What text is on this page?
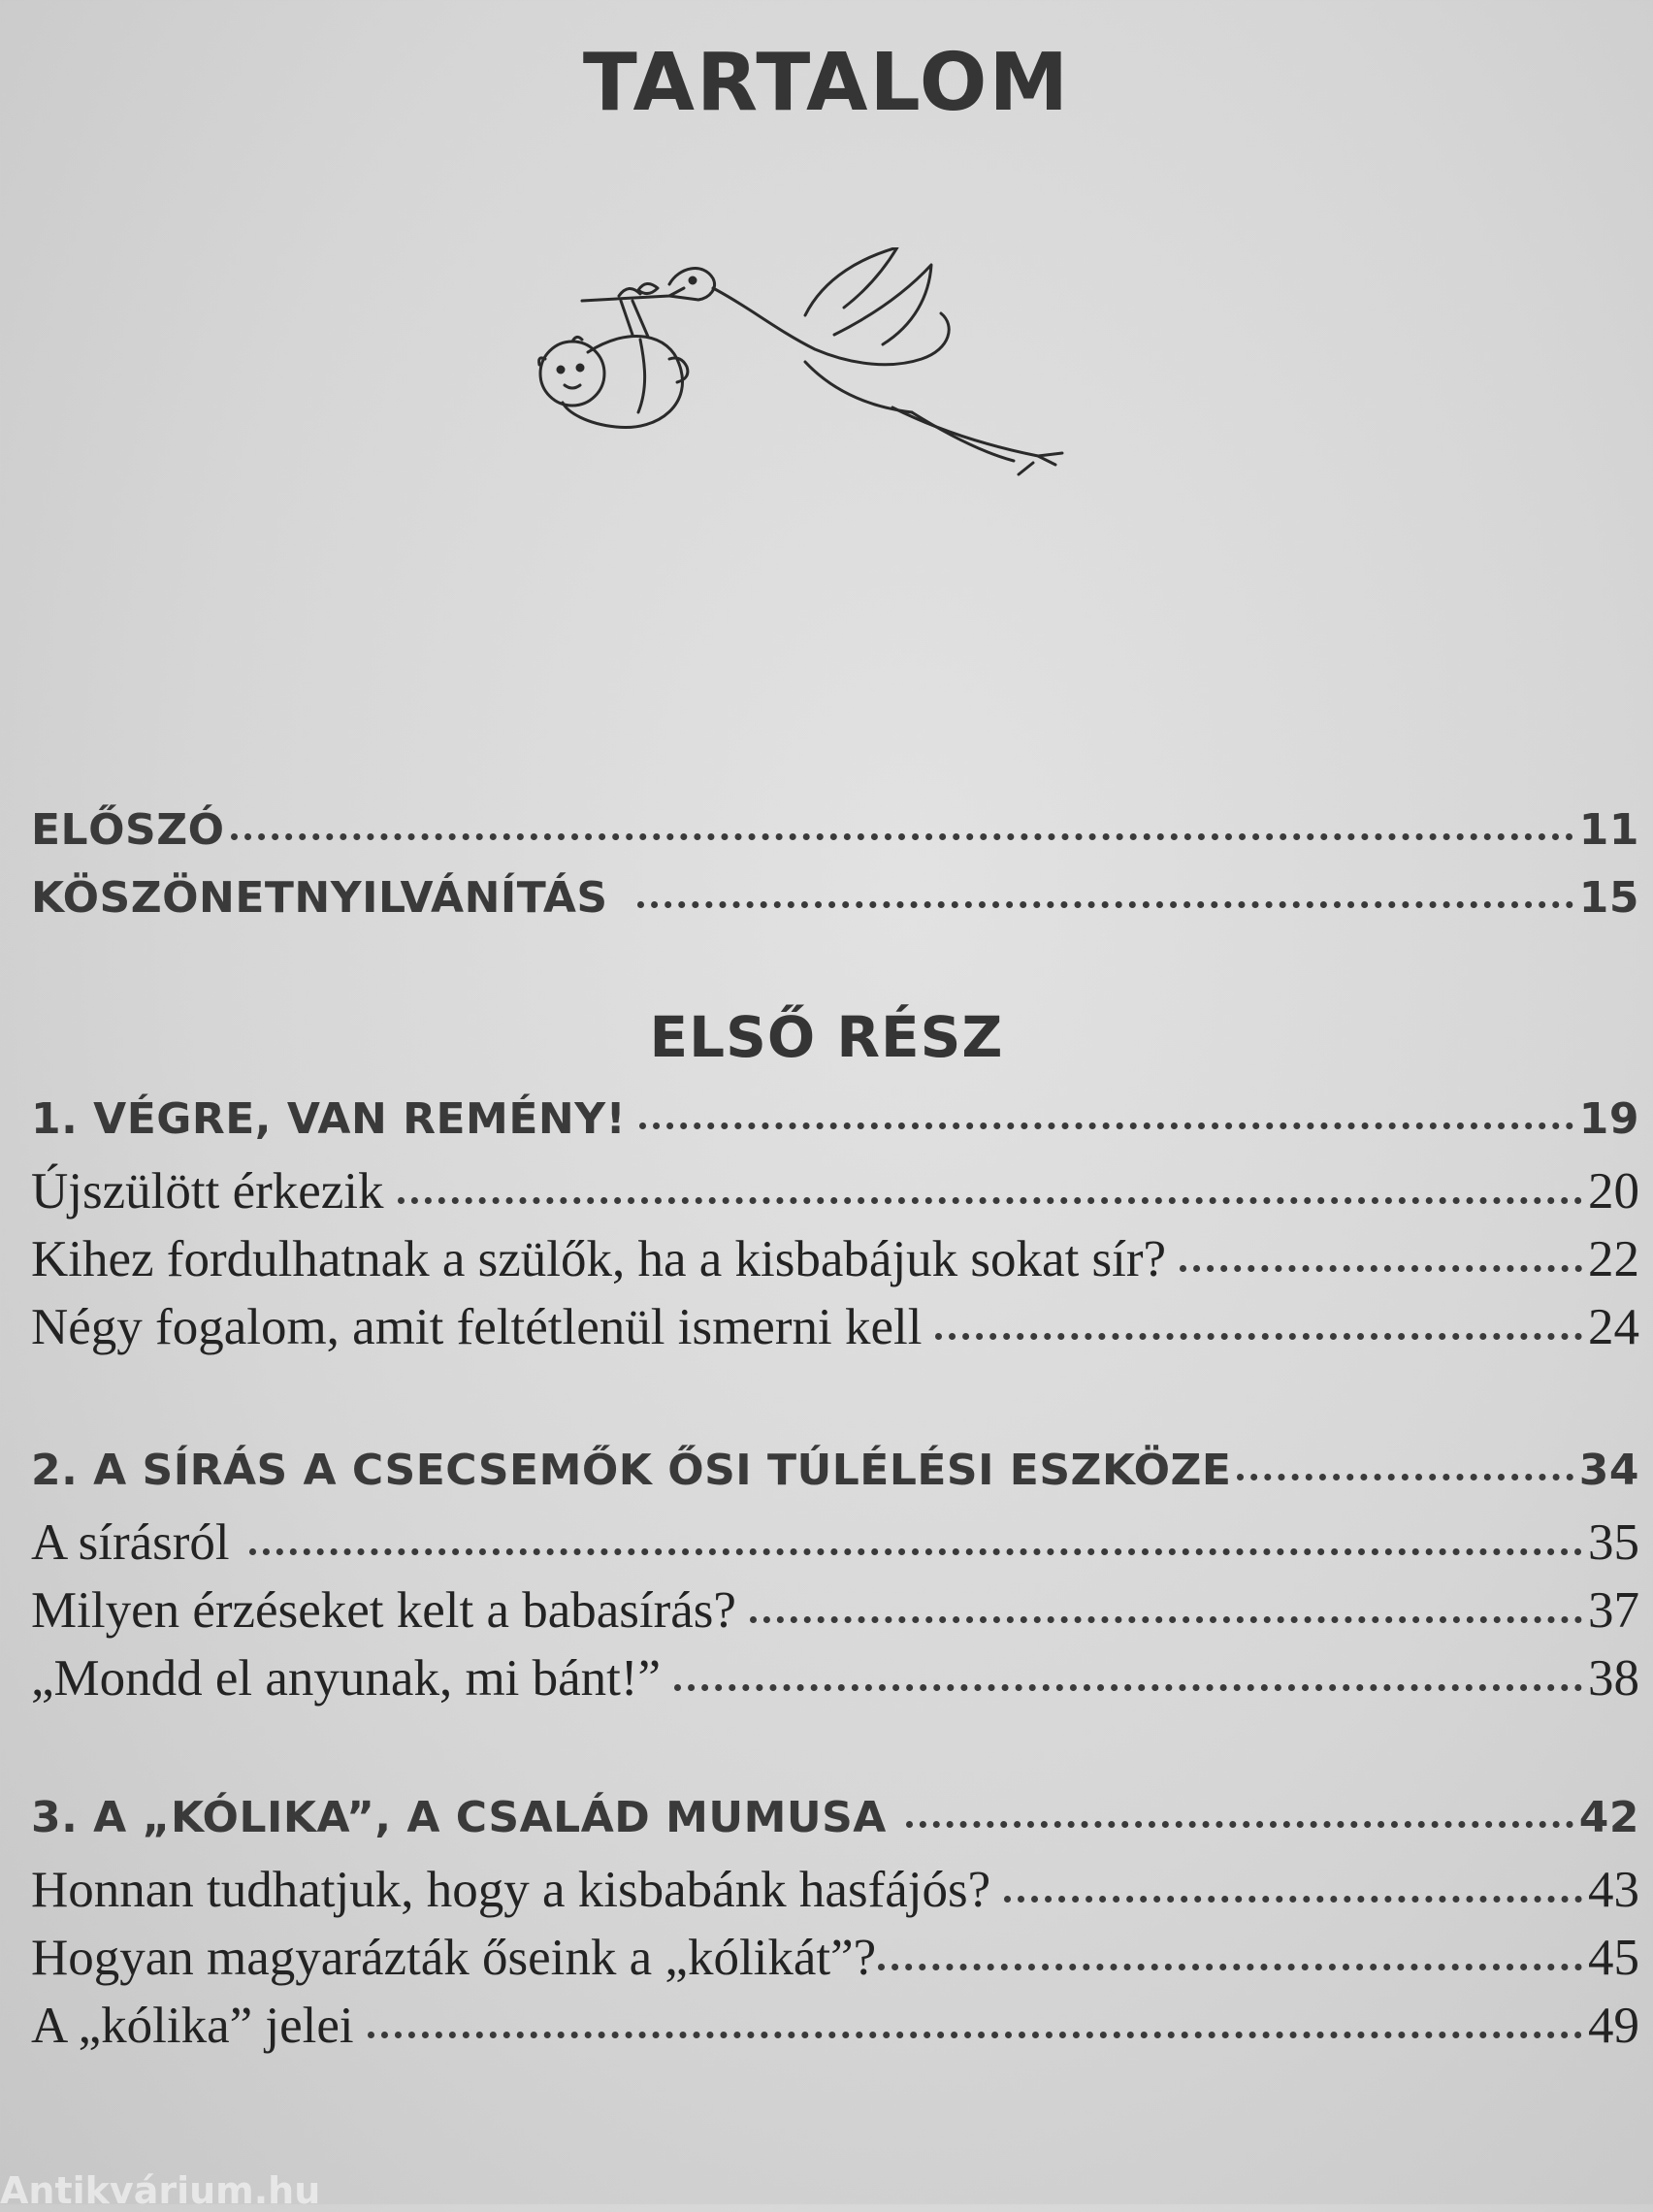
TARTALOM
ELŐSZÓ	11
KÖSZÖNETNYILVÁNÍTÁS	15
ELSŐ RÉSZ
1. VÉGRE, VAN REMÉNY!	19
Újszülött érkezik	20
Kihez fordulhatnak a szülők, ha a kisbabájuk sokat sír?	22
Négy fogalom, amit feltétlenül ismerni kell	24
2. A SÍRÁS A CSECSEMŐK ŐSI TÚLÉLÉSI ESZKÖZE	34
A sírásról	35
Milyen érzéseket kelt a babasírás?	37
„Mondd el anyunak, mi bánt!”	38
3. A „KÓLIKA”, A CSALÁD MUMUSA	42
Honnan tudhatjuk, hogy a kisbabánk hasfájós?	43
Hogyan magyarázták őseink a „kólikát”?	45
A „kólika” jelei	49
Antikvárium.hu
